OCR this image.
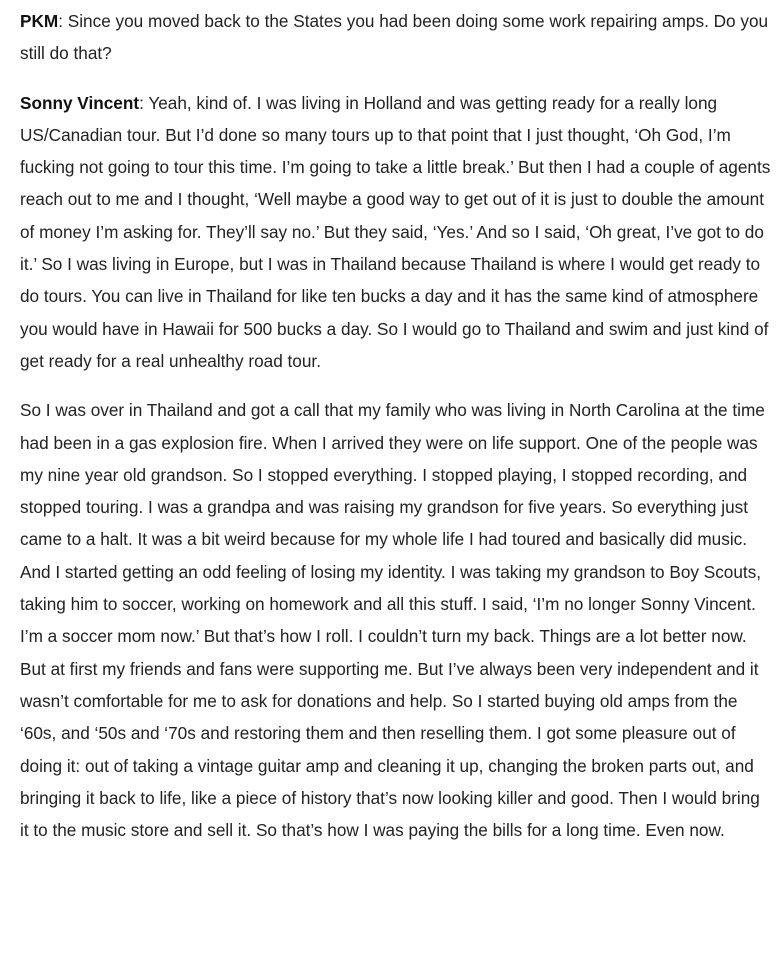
PKM: Since you moved back to the States you had been doing some work repairing amps. Do you still do that?

Sonny Vincent: Yeah, kind of. I was living in Holland and was getting ready for a really long US/Canadian tour. But I’d done so many tours up to that point that I just thought, ‘Oh God, I’m fucking not going to tour this time. I’m going to take a little break.’ But then I had a couple of agents reach out to me and I thought, ‘Well maybe a good way to get out of it is just to double the amount of money I’m asking for. They’ll say no.’ But they said, ‘Yes.’ And so I said, ‘Oh great, I’ve got to do it.’ So I was living in Europe, but I was in Thailand because Thailand is where I would get ready to do tours. You can live in Thailand for like ten bucks a day and it has the same kind of atmosphere you would have in Hawaii for 500 bucks a day. So I would go to Thailand and swim and just kind of get ready for a real unhealthy road tour.

So I was over in Thailand and got a call that my family who was living in North Carolina at the time had been in a gas explosion fire. When I arrived they were on life support. One of the people was my nine year old grandson. So I stopped everything. I stopped playing, I stopped recording, and stopped touring. I was a grandpa and was raising my grandson for five years. So everything just came to a halt. It was a bit weird because for my whole life I had toured and basically did music. And I started getting an odd feeling of losing my identity. I was taking my grandson to Boy Scouts, taking him to soccer, working on homework and all this stuff. I said, ‘I’m no longer Sonny Vincent. I’m a soccer mom now.’ But that’s how I roll. I couldn’t turn my back. Things are a lot better now. But at first my friends and fans were supporting me. But I’ve always been very independent and it wasn’t comfortable for me to ask for donations and help. So I started buying old amps from the ‘60s, and ‘50s and ‘70s and restoring them and then reselling them. I got some pleasure out of doing it: out of taking a vintage guitar amp and cleaning it up, changing the broken parts out, and bringing it back to life, like a piece of history that’s now looking killer and good. Then I would bring it to the music store and sell it. So that’s how I was paying the bills for a long time. Even now.
